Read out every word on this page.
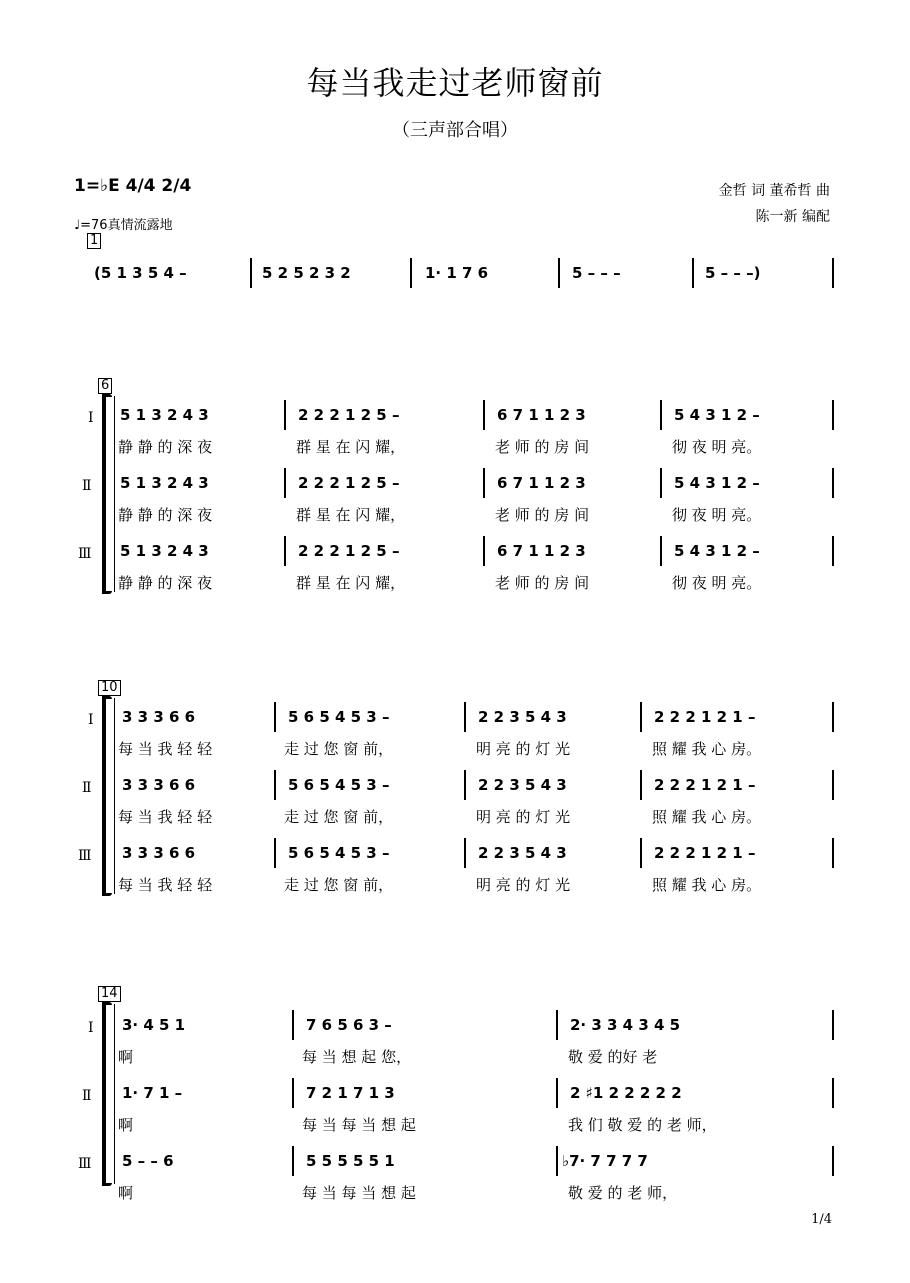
每当我走过老师窗前
（三声部合唱）
1=♭E 4/4 2/4
♩=76真情流露地
金哲 词 董希哲 曲
陈一新 编配
1
(5 1 3 5 4 –	5 2 5 2 3 2	1· 1 7 6	5 – – –	5 – – –)
6
Ⅰ 5 1 3 2 4 3	2 2 2 1 2 5 –	6 7 1 1 2 3	5 4 3 1 2 –
静 静 的 深 夜	群 星 在 闪 耀，	老 师 的 房 间	彻 夜 明 亮。
Ⅱ 5 1 3 2 4 3	2 2 2 1 2 5 –	6 7 1 1 2 3	5 4 3 1 2 –
静 静 的 深 夜	群 星 在 闪 耀，	老 师 的 房 间	彻 夜 明 亮。
Ⅲ 5 1 3 2 4 3	2 2 2 1 2 5 –	6 7 1 1 2 3	5 4 3 1 2 –
静 静 的 深 夜	群 星 在 闪 耀，	老 师 的 房 间	彻 夜 明 亮。
10
Ⅰ 3 3 3 6 6	5 6 5 4 5 3 –	2 2 3 5 4 3	2 2 2 1 2 1 –
每 当 我 轻 轻	走 过 您 窗 前，	明 亮 的 灯 光	照 耀 我 心 房。
Ⅱ 3 3 3 6 6	5 6 5 4 5 3 –	2 2 3 5 4 3	2 2 2 1 2 1 –
每 当 我 轻 轻	走 过 您 窗 前，	明 亮 的 灯 光	照 耀 我 心 房。
Ⅲ 3 3 3 6 6	5 6 5 4 5 3 –	2 2 3 5 4 3	2 2 2 1 2 1 –
每 当 我 轻 轻	走 过 您 窗 前，	明 亮 的 灯 光	照 耀 我 心 房。
14
Ⅰ 3· 4 5 1	7 6 5 6 3 –	2· 3 3 4 3 4 5
啊	每 当 想 起 您，	敬 爱 的好 老
Ⅱ 1· 7 1 –	7 2 1 7 1 3	2 ♯1 2 2 2 2 2
啊	每 当 每 当 想 起	我 们 敬 爱 的 老 师，
Ⅲ 5 – – 6	5 5 5 5 5 1	♭7· 7 7 7 7
啊	每 当 每 当 想 起	敬 爱 的 老 师，
1/4
